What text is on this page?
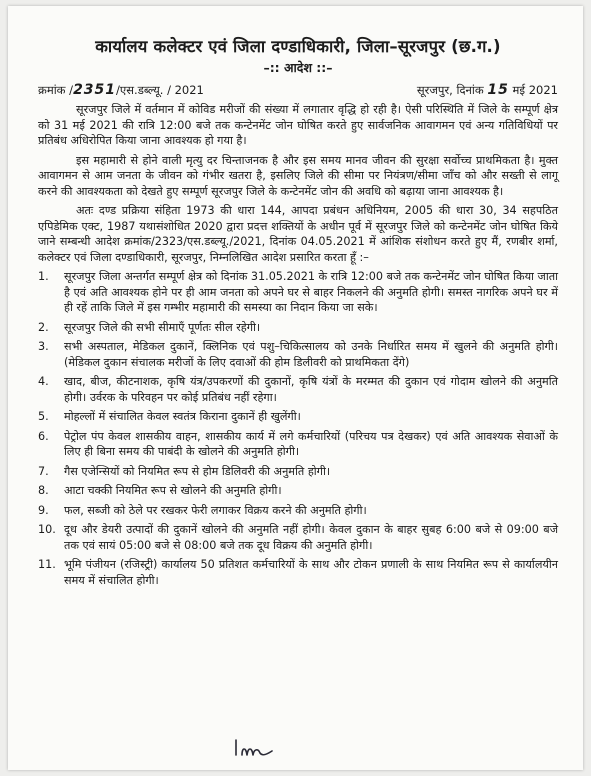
कार्यालय कलेक्टर एवं जिला दण्डाधिकारी, जिला–सूरजपुर (छ.ग.)
–:: आदेश ::–
क्रमांक /2351/एस.डब्ल्यू. / 2021	सूरजपुर, दिनांक 15 मई 2021

सूरजपुर जिले में वर्तमान में कोविड मरीजों की संख्या में लगातार वृद्धि हो रही है। ऐसी परिस्थिति में जिले के सम्पूर्ण क्षेत्र को 31 मई 2021 की रात्रि 12:00 बजे तक कन्टेनमेंट जोन घोषित करते हुए सार्वजनिक आवागमन एवं अन्य गतिविधियों पर प्रतिबंध अधिरोपित किया जाना आवश्यक हो गया है।

इस महामारी से होने वाली मृत्यु दर चिन्ताजनक है और इस समय मानव जीवन की सुरक्षा सर्वोच्च प्राथमिकता है। मुक्त आवागमन से आम जनता के जीवन को गंभीर खतरा है, इसलिए जिले की सीमा पर नियंत्रण/सीमा जाँच को और सख्ती से लागू करने की आवश्यकता को देखते हुए सम्पूर्ण सूरजपुर जिले के कन्टेनमेंट जोन की अवधि को बढ़ाया जाना आवश्यक है।

अतः दण्ड प्रक्रिया संहिता 1973 की धारा 144, आपदा प्रबंधन अधिनियम, 2005 की धारा 30, 34 सहपठित एपिडेमिक एक्ट, 1987 यथासंशोधित 2020 द्वारा प्रदत्त शक्तियों के अधीन पूर्व में सूरजपुर जिले को कन्टेनमेंट जोन घोषित किये जाने सम्बन्धी आदेश क्रमांक/2323/एस.डब्ल्यू./2021, दिनांक 04.05.2021 में आंशिक संशोधन करते हुए मैं, रणबीर शर्मा, कलेक्टर एवं जिला दण्डाधिकारी, सूरजपुर, निम्नलिखित आदेश प्रसारित करता हूँ :–

1.	सूरजपुर जिला अन्तर्गत सम्पूर्ण क्षेत्र को दिनांक 31.05.2021 के रात्रि 12:00 बजे तक कन्टेनमेंट जोन घोषित किया जाता है एवं अति आवश्यक होने पर ही आम जनता को अपने घर से बाहर निकलने की अनुमति होगी। समस्त नागरिक अपने घर में ही रहें ताकि जिले में इस गम्भीर महामारी की समस्या का निदान किया जा सके।
2.	सूरजपुर जिले की सभी सीमाएँ पूर्णतः सील रहेगी।
3.	सभी अस्पताल, मेडिकल दुकानें, क्लिनिक एवं पशु–चिकित्सालय को उनके निर्धारित समय में खुलने की अनुमति होगी। (मेडिकल दुकान संचालक मरीजों के लिए दवाओं की होम डिलीवरी को प्राथमिकता देंगे)
4.	खाद, बीज, कीटनाशक, कृषि यंत्र/उपकरणों की दुकानों, कृषि यंत्रों के मरम्मत की दुकान एवं गोदाम खोलने की अनुमति होगी। उर्वरक के परिवहन पर कोई प्रतिबंध नहीं रहेगा।
5.	मोहल्लों में संचालित केवल स्वतंत्र किराना दुकानें ही खुलेंगी।
6.	पेट्रोल पंप केवल शासकीय वाहन, शासकीय कार्य में लगे कर्मचारियों (परिचय पत्र देखकर) एवं अति आवश्यक सेवाओं के लिए ही बिना समय की पाबंदी के खोलने की अनुमति होगी।
7.	गैस एजेन्सियों को नियमित रूप से होम डिलिवरी की अनुमति होगी।
8.	आटा चक्की नियमित रूप से खोलने की अनुमति होगी।
9.	फल, सब्जी को ठेले पर रखकर फेरी लगाकर विक्रय करने की अनुमति होगी।
10. दूध और डेयरी उत्पादों की दुकानें खोलने की अनुमति नहीं होगी। केवल दुकान के बाहर सुबह 6:00 बजे से 09:00 बजे तक एवं सायं 05:00 बजे से 08:00 बजे तक दूध विक्रय की अनुमति होगी।
11. भूमि पंजीयन (रजिस्ट्री) कार्यालय 50 प्रतिशत कर्मचारियों के साथ और टोकन प्रणाली के साथ नियमित रूप से कार्यालयीन समय में संचालित होगी।
